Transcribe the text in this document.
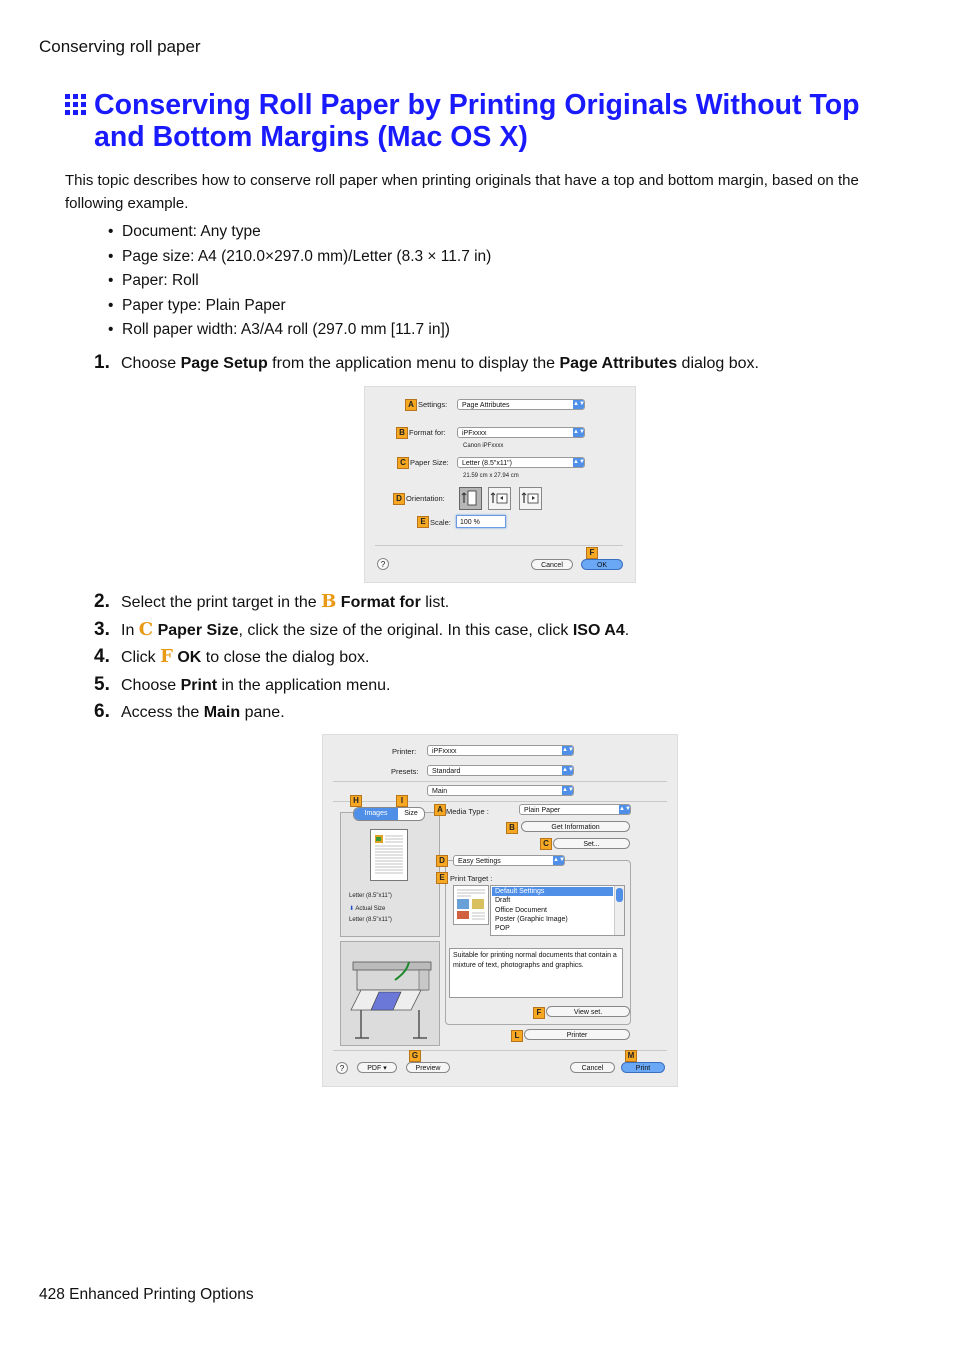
Conserving roll paper
Conserving Roll Paper by Printing Originals Without Top and Bottom Margins (Mac OS X)
This topic describes how to conserve roll paper when printing originals that have a top and bottom margin, based on the following example.
• Document: Any type
• Page size: A4 (210.0×297.0 mm)/Letter (8.3 × 11.7 in)
• Paper: Roll
• Paper type: Plain Paper
• Roll paper width: A3/A4 roll (297.0 mm [11.7 in])
1. Choose Page Setup from the application menu to display the Page Attributes dialog box.
A Settings:	Page Attributes	▲▼
B Format for:	iPFxxxx	▲▼
Canon iPFxxxx
C Paper Size:	Letter (8.5"x11")	▲▼
21.59 cm x 27.94 cm
D Orientation:
E Scale:	100 %
?
F
Cancel	OK
2. Select the print target in the B Format for list.
3. In C Paper Size, click the size of the original. In this case, click ISO A4.
4. Click F OK to close the dialog box.
5. Choose Print in the application menu.
6. Access the Main pane.
Printer:	iPFxxxx	▲▼
Presets:	Standard	▲▼
Main	▲▼
H	I
Images	Size
Letter (8.5"x11")
⬇ Actual Size
Letter (8.5"x11")
A Media Type :	Plain Paper	▲▼
B	Get Information
C	Set...
D	Easy Settings	▲▼
E Print Target :
Default Settings
Draft
Office Document
Poster (Graphic Image)
POP
Suitable for printing normal documents that contain a mixture of text, photographs and graphics.
F	View set.
L	Printer
G	M
?	PDF ▾	Preview	Cancel	Print
428 Enhanced Printing Options
